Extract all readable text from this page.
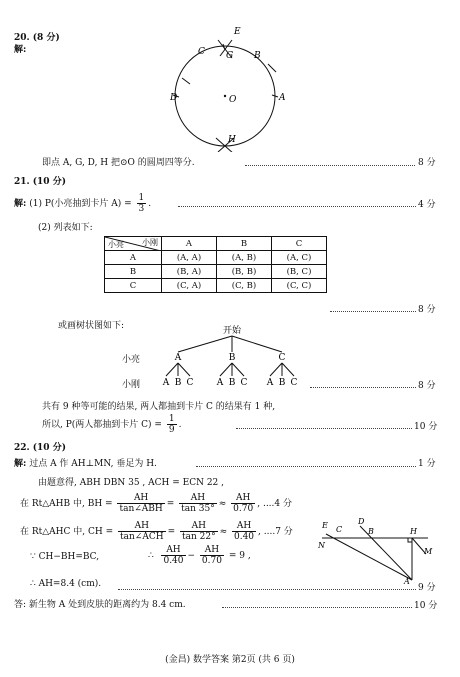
20. (8 分)
解:
E
C G B
D	O	A
H
即点 A, G, D, H 把⊙O 的圆周四等分.	8 分
21. (10 分)
解: (1) P(小亮抽到卡片 $A) = \frac{1}{3}$ .	4 分
(2) 列表如下:
小刚
小亮	A	B	C
A	(A, A)	(A, B)	(A, C)
B	(B, A)	(B, B)	(B, C)
C	(C, A)	(C, B)	(C, C)
8 分
或画树状图如下:	开始
A	B	C
A B C	A B C A B C
小亮
小刚	8 分
共有 9 种等可能的结果, 两人都抽到卡片 C 的结果有 1 种,
所以, P(两人都抽到卡片 $C) = \frac{1}{9}$ .	10 分
22. (10 分)
解: 过点 A 作 AH⊥MN, 垂足为 H.	1 分
由题意得, ABH DBN 35 , ACH = ECN 22 ,
在 Rt△AHB 中, BH = $\frac{AH}{\text{tan∠ABH}} = \frac{AH}{\tan 35^\circ} \approx \frac{AH}{0.70}$ , ....4 分
在 Rt△AHC 中, CH = $\frac{AH}{\text{tan∠ACH}} = \frac{AH}{\tan 22^\circ} \approx \frac{AH}{0.40}$ , ....7 分
∵ CH−BH=BC,	∴ $\frac{AH}{0.40} - \frac{AH}{0.70} = 9$ ,
∴ AH=8.4 (cm).	9 分
答: 新生物 A 处到皮肤的距离约为 8.4 cm.	10 分
E C
D
B	H
N
M
A
(金昌) 数学答案 第2页 (共 6 页)
